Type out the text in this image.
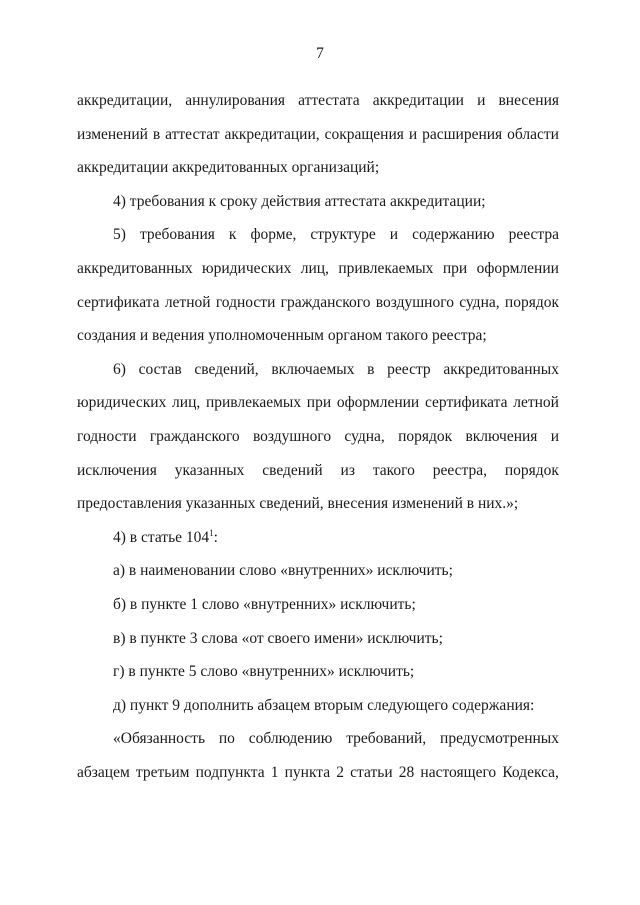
7
аккредитации, аннулирования аттестата аккредитации и внесения
изменений в аттестат аккредитации, сокращения и расширения области
аккредитации аккредитованных организаций;
4) требования к сроку действия аттестата аккредитации;
5) требования к форме, структуре и содержанию реестра
аккредитованных юридических лиц, привлекаемых при оформлении
сертификата летной годности гражданского воздушного судна, порядок
создания и ведения уполномоченным органом такого реестра;
6) состав сведений, включаемых в реестр аккредитованных
юридических лиц, привлекаемых при оформлении сертификата летной
годности гражданского воздушного судна, порядок включения и
исключения указанных сведений из такого реестра, порядок
предоставления указанных сведений, внесения изменений в них.»;
4) в статье $104^1$:
а) в наименовании слово «внутренних» исключить;
б) в пункте 1 слово «внутренних» исключить;
в) в пункте 3 слова «от своего имени» исключить;
г) в пункте 5 слово «внутренних» исключить;
д) пункт 9 дополнить абзацем вторым следующего содержания:
«Обязанность по соблюдению требований, предусмотренных
абзацем третьим подпункта 1 пункта 2 статьи 28 настоящего Кодекса,
